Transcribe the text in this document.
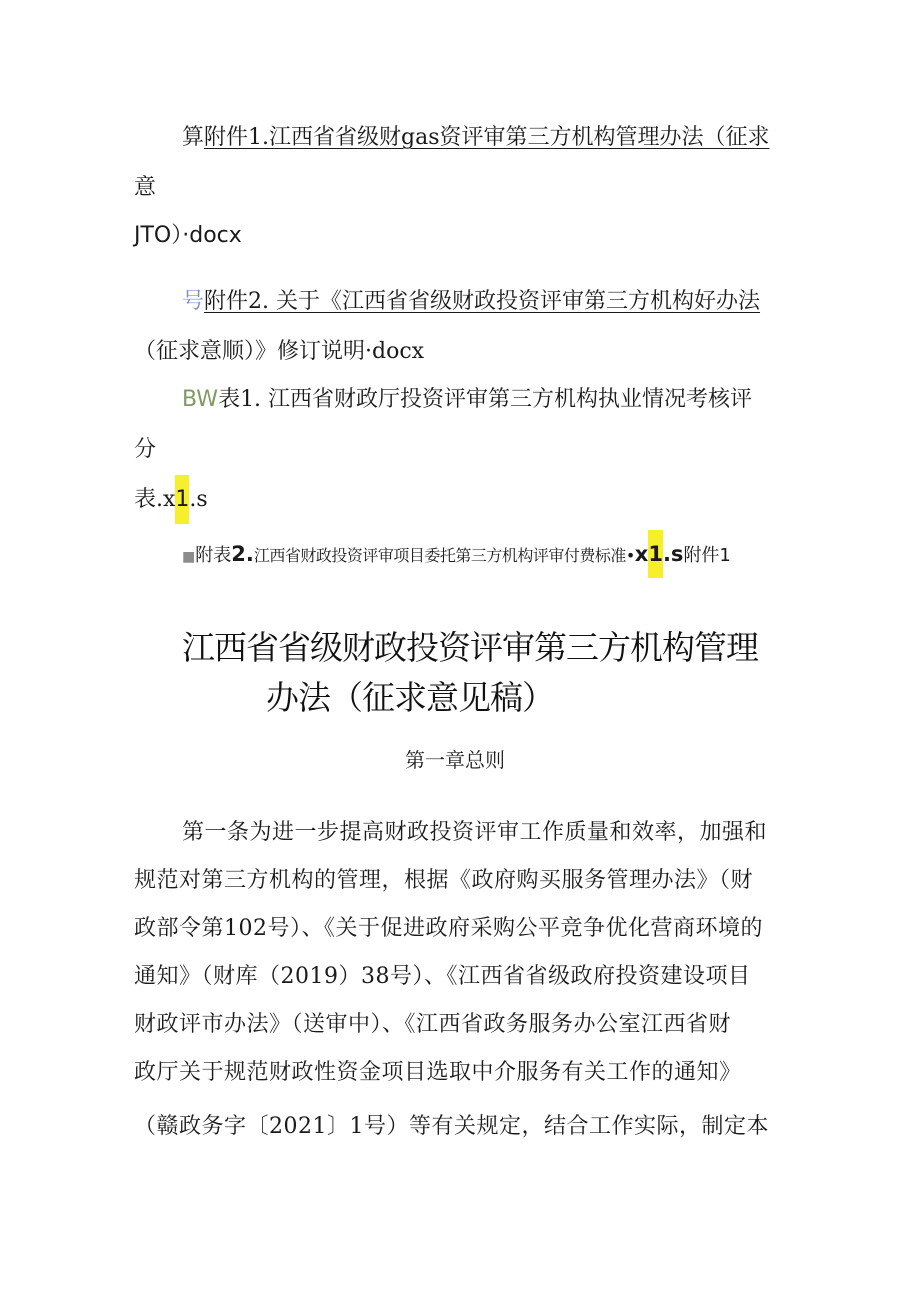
算附件1.江西省省级财gas资评审第三方机构管理办法（征求
意
JTO）·docx
号附件2. 关于《江西省省级财政投资评审第三方机构好办法
（征求意顺）》修订说明·docx
BW表1. 江西省财政厅投资评审第三方机构执业情况考核评
分
表.x1.s
■附表2.江西省财政投资评审项目委托第三方机构评审付费标准•x1.s附件1
江西省省级财政投资评审第三方机构管理
办法（征求意见稿）
第一章总则
第一条为进一步提高财政投资评审工作质量和效率，加强和
规范对第三方机构的管理，根据《政府购买服务管理办法》（财
政部令第102号）、《关于促进政府采购公平竞争优化营商环境的
通知》（财库（2019）38号）、《江西省省级政府投资建设项目
财政评市办法》（送审中）、《江西省政务服务办公室江西省财
政厅关于规范财政性资金项目选取中介服务有关工作的通知》
（赣政务字〔2021〕1号）等有关规定，结合工作实际，制定本
